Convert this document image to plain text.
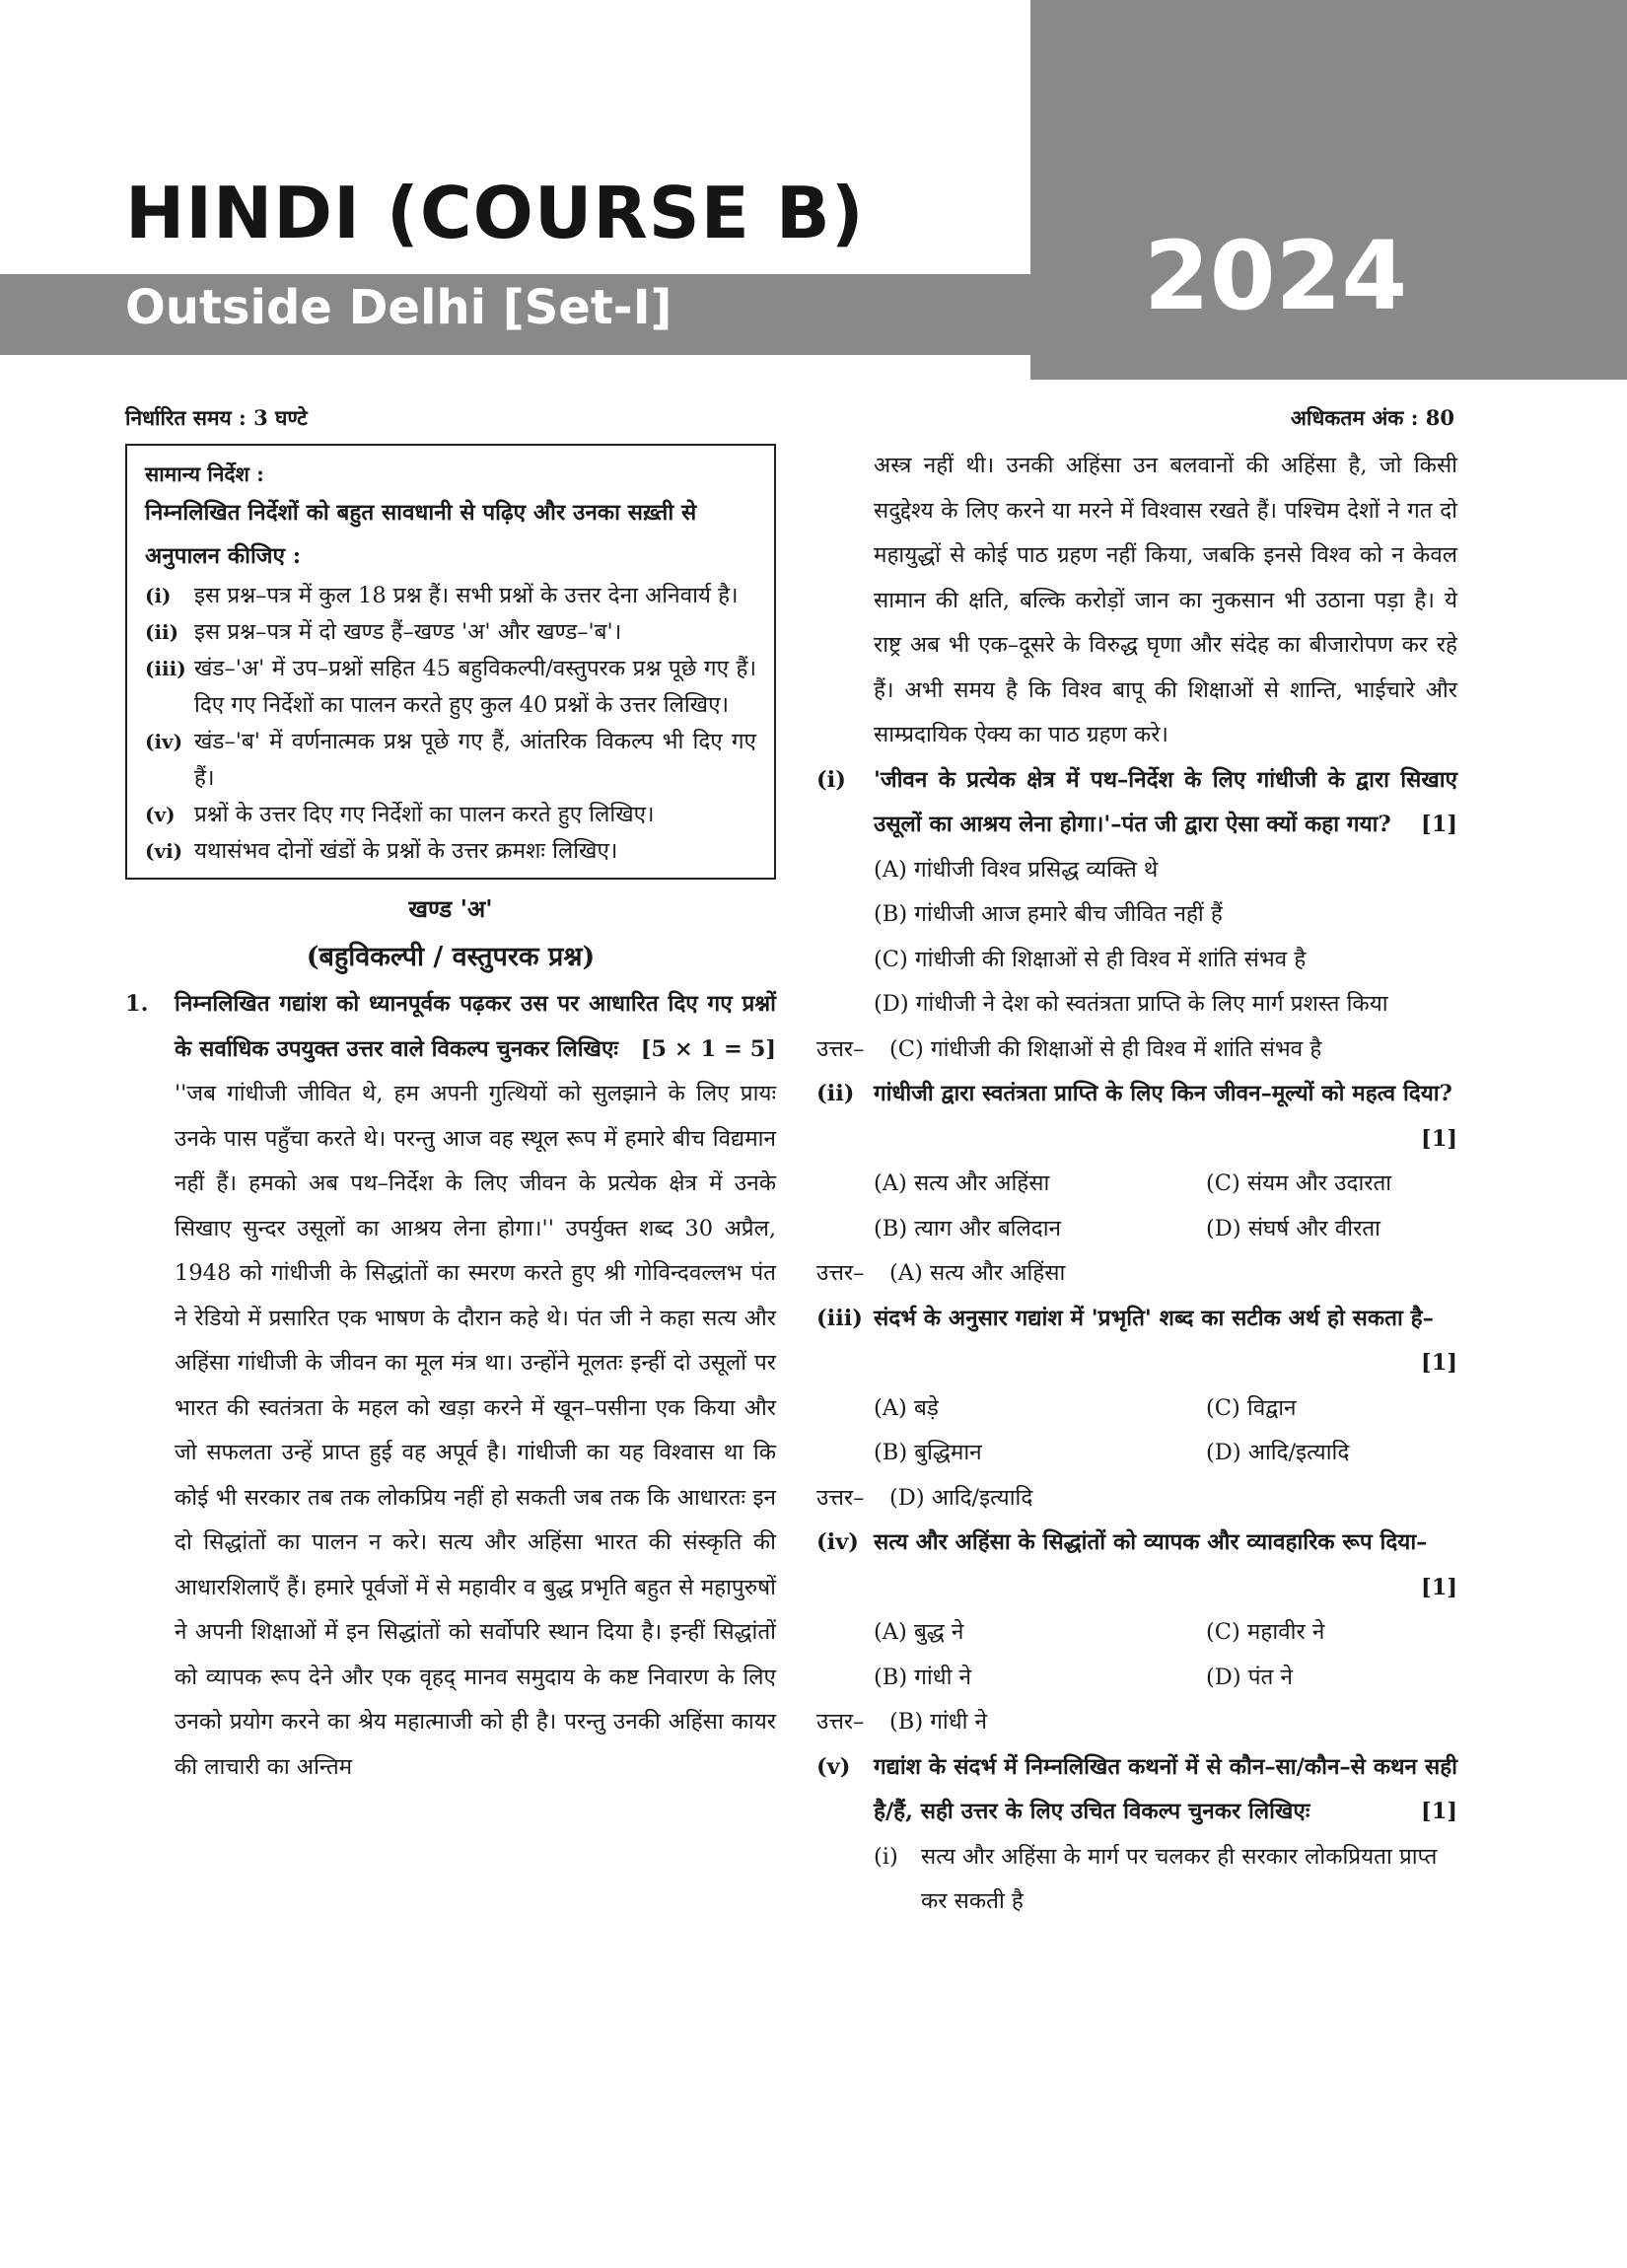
HINDI (COURSE B)
Outside Delhi [Set-I]	2024
निर्धारित समय : 3 घण्टे	अधिकतम अंक : 80
सामान्य निर्देश :
निम्नलिखित निर्देशों को बहुत सावधानी से पढ़िए और उनका सख़्ती से अनुपालन कीजिए :
(i)	इस प्रश्न–पत्र में कुल 18 प्रश्न हैं। सभी प्रश्नों के उत्तर देना अनिवार्य है।
(ii) इस प्रश्न–पत्र में दो खण्ड हैं–खण्ड 'अ' और खण्ड–'ब'।
(iii) खंड–'अ' में उप–प्रश्नों सहित 45 बहुविकल्पी/वस्तुपरक प्रश्न पूछे गए हैं। दिए गए निर्देशों का पालन करते हुए कुल 40 प्रश्नों के उत्तर लिखिए।
(iv) खंड–'ब' में वर्णनात्मक प्रश्न पूछे गए हैं, आंतरिक विकल्प भी दिए गए हैं।
(v) प्रश्नों के उत्तर दिए गए निर्देशों का पालन करते हुए लिखिए।
(vi) यथासंभव दोनों खंडों के प्रश्नों के उत्तर क्रमशः लिखिए।
खण्ड 'अ'
(बहुविकल्पी / वस्तुपरक प्रश्न)
1.	निम्नलिखित गद्यांश को ध्यानपूर्वक पढ़कर उस पर आधारित दिए गए प्रश्नों के सर्वाधिक उपयुक्त उत्तर वाले विकल्प चुनकर लिखिएः [5 × 1 = 5]
''जब गांधीजी जीवित थे, हम अपनी गुत्थियों को सुलझाने के लिए प्रायः उनके पास पहुँचा करते थे। परन्तु आज वह स्थूल रूप में हमारे बीच विद्यमान नहीं हैं। हमको अब पथ–निर्देश के लिए जीवन के प्रत्येक क्षेत्र में उनके सिखाए सुन्दर उसूलों का आश्रय लेना होगा।'' उपर्युक्त शब्द 30 अप्रैल, 1948 को गांधीजी के सिद्धांतों का स्मरण करते हुए श्री गोविन्दवल्लभ पंत ने रेडियो में प्रसारित एक भाषण के दौरान कहे थे। पंत जी ने कहा सत्य और अहिंसा गांधीजी के जीवन का मूल मंत्र था। उन्होंने मूलतः इन्हीं दो उसूलों पर भारत की स्वतंत्रता के महल को खड़ा करने में खून–पसीना एक किया और जो सफलता उन्हें प्राप्त हुई वह अपूर्व है। गांधीजी का यह विश्वास था कि कोई भी सरकार तब तक लोकप्रिय नहीं हो सकती जब तक कि आधारतः इन दो सिद्धांतों का पालन न करे। सत्य और अहिंसा भारत की संस्कृति की आधारशिलाएँ हैं। हमारे पूर्वजों में से महावीर व बुद्ध प्रभृति बहुत से महापुरुषों ने अपनी शिक्षाओं में इन सिद्धांतों को सर्वोपरि स्थान दिया है। इन्हीं सिद्धांतों को व्यापक रूप देने और एक वृहद् मानव समुदाय के कष्ट निवारण के लिए उनको प्रयोग करने का श्रेय महात्माजी को ही है। परन्तु उनकी अहिंसा कायर की लाचारी का अन्तिम
अस्त्र नहीं थी। उनकी अहिंसा उन बलवानों की अहिंसा है, जो किसी सदुद्देश्य के लिए करने या मरने में विश्वास रखते हैं। पश्चिम देशों ने गत दो महायुद्धों से कोई पाठ ग्रहण नहीं किया, जबकि इनसे विश्व को न केवल सामान की क्षति, बल्कि करोड़ों जान का नुकसान भी उठाना पड़ा है। ये राष्ट्र अब भी एक–दूसरे के विरुद्ध घृणा और संदेह का बीजारोपण कर रहे हैं। अभी समय है कि विश्व बापू की शिक्षाओं से शान्ति, भाईचारे और साम्प्रदायिक ऐक्य का पाठ ग्रहण करे।
(i)	'जीवन के प्रत्येक क्षेत्र में पथ–निर्देश के लिए गांधीजी के द्वारा सिखाए उसूलों का आश्रय लेना होगा।'–पंत जी द्वारा ऐसा क्यों कहा गया? [1]
(A) गांधीजी विश्व प्रसिद्ध व्यक्ति थे
(B) गांधीजी आज हमारे बीच जीवित नहीं हैं
(C) गांधीजी की शिक्षाओं से ही विश्व में शांति संभव है
(D) गांधीजी ने देश को स्वतंत्रता प्राप्ति के लिए मार्ग प्रशस्त किया
उत्तर–	(C) गांधीजी की शिक्षाओं से ही विश्व में शांति संभव है
(ii) गांधीजी द्वारा स्वतंत्रता प्राप्ति के लिए किन जीवन–मूल्यों को महत्व दिया?
[1]
(A) सत्य और अहिंसा	(C) संयम और उदारता
(B) त्याग और बलिदान	(D) संघर्ष और वीरता
उत्तर–	(A) सत्य और अहिंसा
(iii) संदर्भ के अनुसार गद्यांश में 'प्रभृति' शब्द का सटीक अर्थ हो सकता है–
[1]
(A) बड़े	(C) विद्वान
(B) बुद्धिमान	(D) आदि/इत्यादि
उत्तर–	(D) आदि/इत्यादि
(iv) सत्य और अहिंसा के सिद्धांतों को व्यापक और व्यावहारिक रूप दिया–
[1]
(A) बुद्ध ने	(C) महावीर ने
(B) गांधी ने	(D) पंत ने
उत्तर–	(B) गांधी ने
(v)	गद्यांश के संदर्भ में निम्नलिखित कथनों में से कौन–सा/कौन–से कथन सही है/हैं, सही उत्तर के लिए उचित विकल्प चुनकर लिखिएः	[1]
(i)	सत्य और अहिंसा के मार्ग पर चलकर ही सरकार लोकप्रियता प्राप्त कर सकती है
